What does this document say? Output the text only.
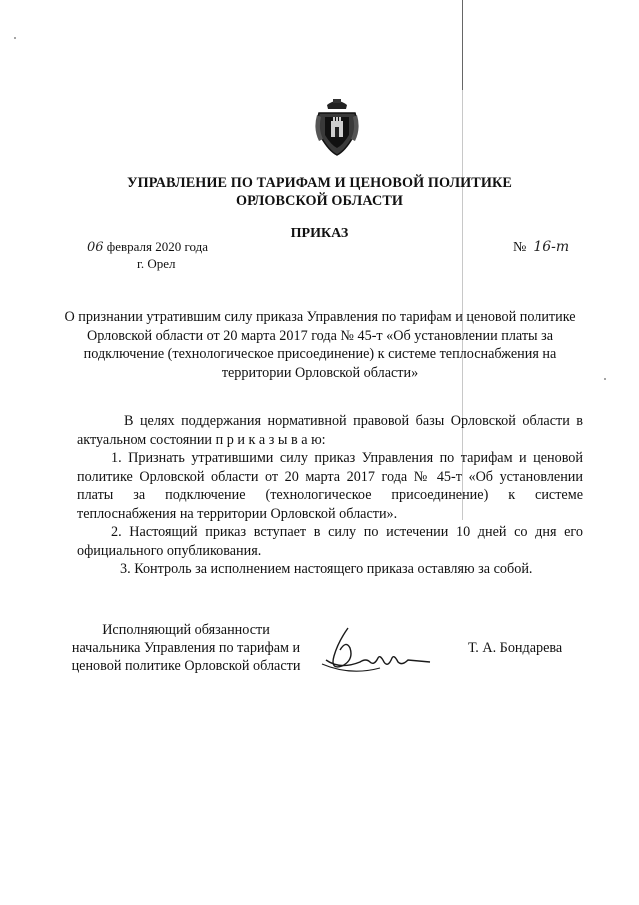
УПРАВЛЕНИЕ ПО ТАРИФАМ И ЦЕНОВОЙ ПОЛИТИКЕ
ОРЛОВСКОЙ ОБЛАСТИ
ПРИКАЗ
06 февраля 2020 года
г. Орел
№ 16-т
О признании утратившим силу приказа Управления по тарифам и ценовой политике Орловской области от 20 марта 2017 года № 45-т «Об установлении платы за подключение (технологическое присоединение) к системе теплоснабжения на территории Орловской области»

В целях поддержания нормативной правовой базы Орловской области в актуальном состоянии п р и к а з ы в а ю:

1. Признать утратившими силу приказ Управления по тарифам и ценовой политике Орловской области от 20 марта 2017 года № 45-т «Об установлении платы за подключение (технологическое присоединение) к системе теплоснабжения на территории Орловской области».

2. Настоящий приказ вступает в силу по истечении 10 дней со дня его официального опубликования.

3. Контроль за исполнением настоящего приказа оставляю за собой.

Исполняющий обязанности
начальника Управления по тарифам и
ценовой политике Орловской области
Т. А. Бондарева
